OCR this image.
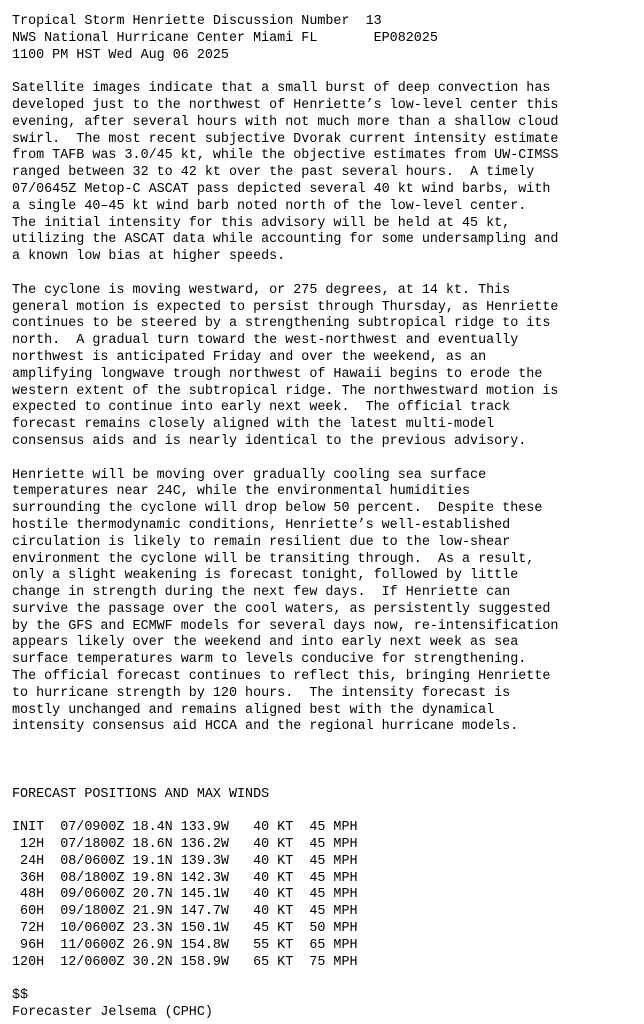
Tropical Storm Henriette Discussion Number  13
NWS National Hurricane Center Miami FL       EP082025
1100 PM HST Wed Aug 06 2025
Satellite images indicate that a small burst of deep convection has
developed just to the northwest of Henriette’s low-level center this
evening, after several hours with not much more than a shallow cloud
swirl.  The most recent subjective Dvorak current intensity estimate
from TAFB was 3.0/45 kt, while the objective estimates from UW-CIMSS
ranged between 32 to 42 kt over the past several hours.  A timely
07/0645Z Metop-C ASCAT pass depicted several 40 kt wind barbs, with
a single 40–45 kt wind barb noted north of the low-level center.
The initial intensity for this advisory will be held at 45 kt,
utilizing the ASCAT data while accounting for some undersampling and
a known low bias at higher speeds.
The cyclone is moving westward, or 275 degrees, at 14 kt. This
general motion is expected to persist through Thursday, as Henriette
continues to be steered by a strengthening subtropical ridge to its
north.  A gradual turn toward the west-northwest and eventually
northwest is anticipated Friday and over the weekend, as an
amplifying longwave trough northwest of Hawaii begins to erode the
western extent of the subtropical ridge. The northwestward motion is
expected to continue into early next week.  The official track
forecast remains closely aligned with the latest multi-model
consensus aids and is nearly identical to the previous advisory.
Henriette will be moving over gradually cooling sea surface
temperatures near 24C, while the environmental humidities
surrounding the cyclone will drop below 50 percent.  Despite these
hostile thermodynamic conditions, Henriette’s well-established
circulation is likely to remain resilient due to the low-shear
environment the cyclone will be transiting through.  As a result,
only a slight weakening is forecast tonight, followed by little
change in strength during the next few days.  If Henriette can
survive the passage over the cool waters, as persistently suggested
by the GFS and ECMWF models for several days now, re-intensification
appears likely over the weekend and into early next week as sea
surface temperatures warm to levels conducive for strengthening.
The official forecast continues to reflect this, bringing Henriette
to hurricane strength by 120 hours.  The intensity forecast is
mostly unchanged and remains aligned best with the dynamical
intensity consensus aid HCCA and the regional hurricane models.
FORECAST POSITIONS AND MAX WINDS
INIT  07/0900Z 18.4N 133.9W   40 KT  45 MPH
12H  07/1800Z 18.6N 136.2W   40 KT  45 MPH
24H  08/0600Z 19.1N 139.3W   40 KT  45 MPH
36H  08/1800Z 19.8N 142.3W   40 KT  45 MPH
48H  09/0600Z 20.7N 145.1W   40 KT  45 MPH
60H  09/1800Z 21.9N 147.7W   40 KT  45 MPH
72H  10/0600Z 23.3N 150.1W   45 KT  50 MPH
96H  11/0600Z 26.9N 154.8W   55 KT  65 MPH
120H  12/0600Z 30.2N 158.9W   65 KT  75 MPH
$$
Forecaster Jelsema (CPHC)
